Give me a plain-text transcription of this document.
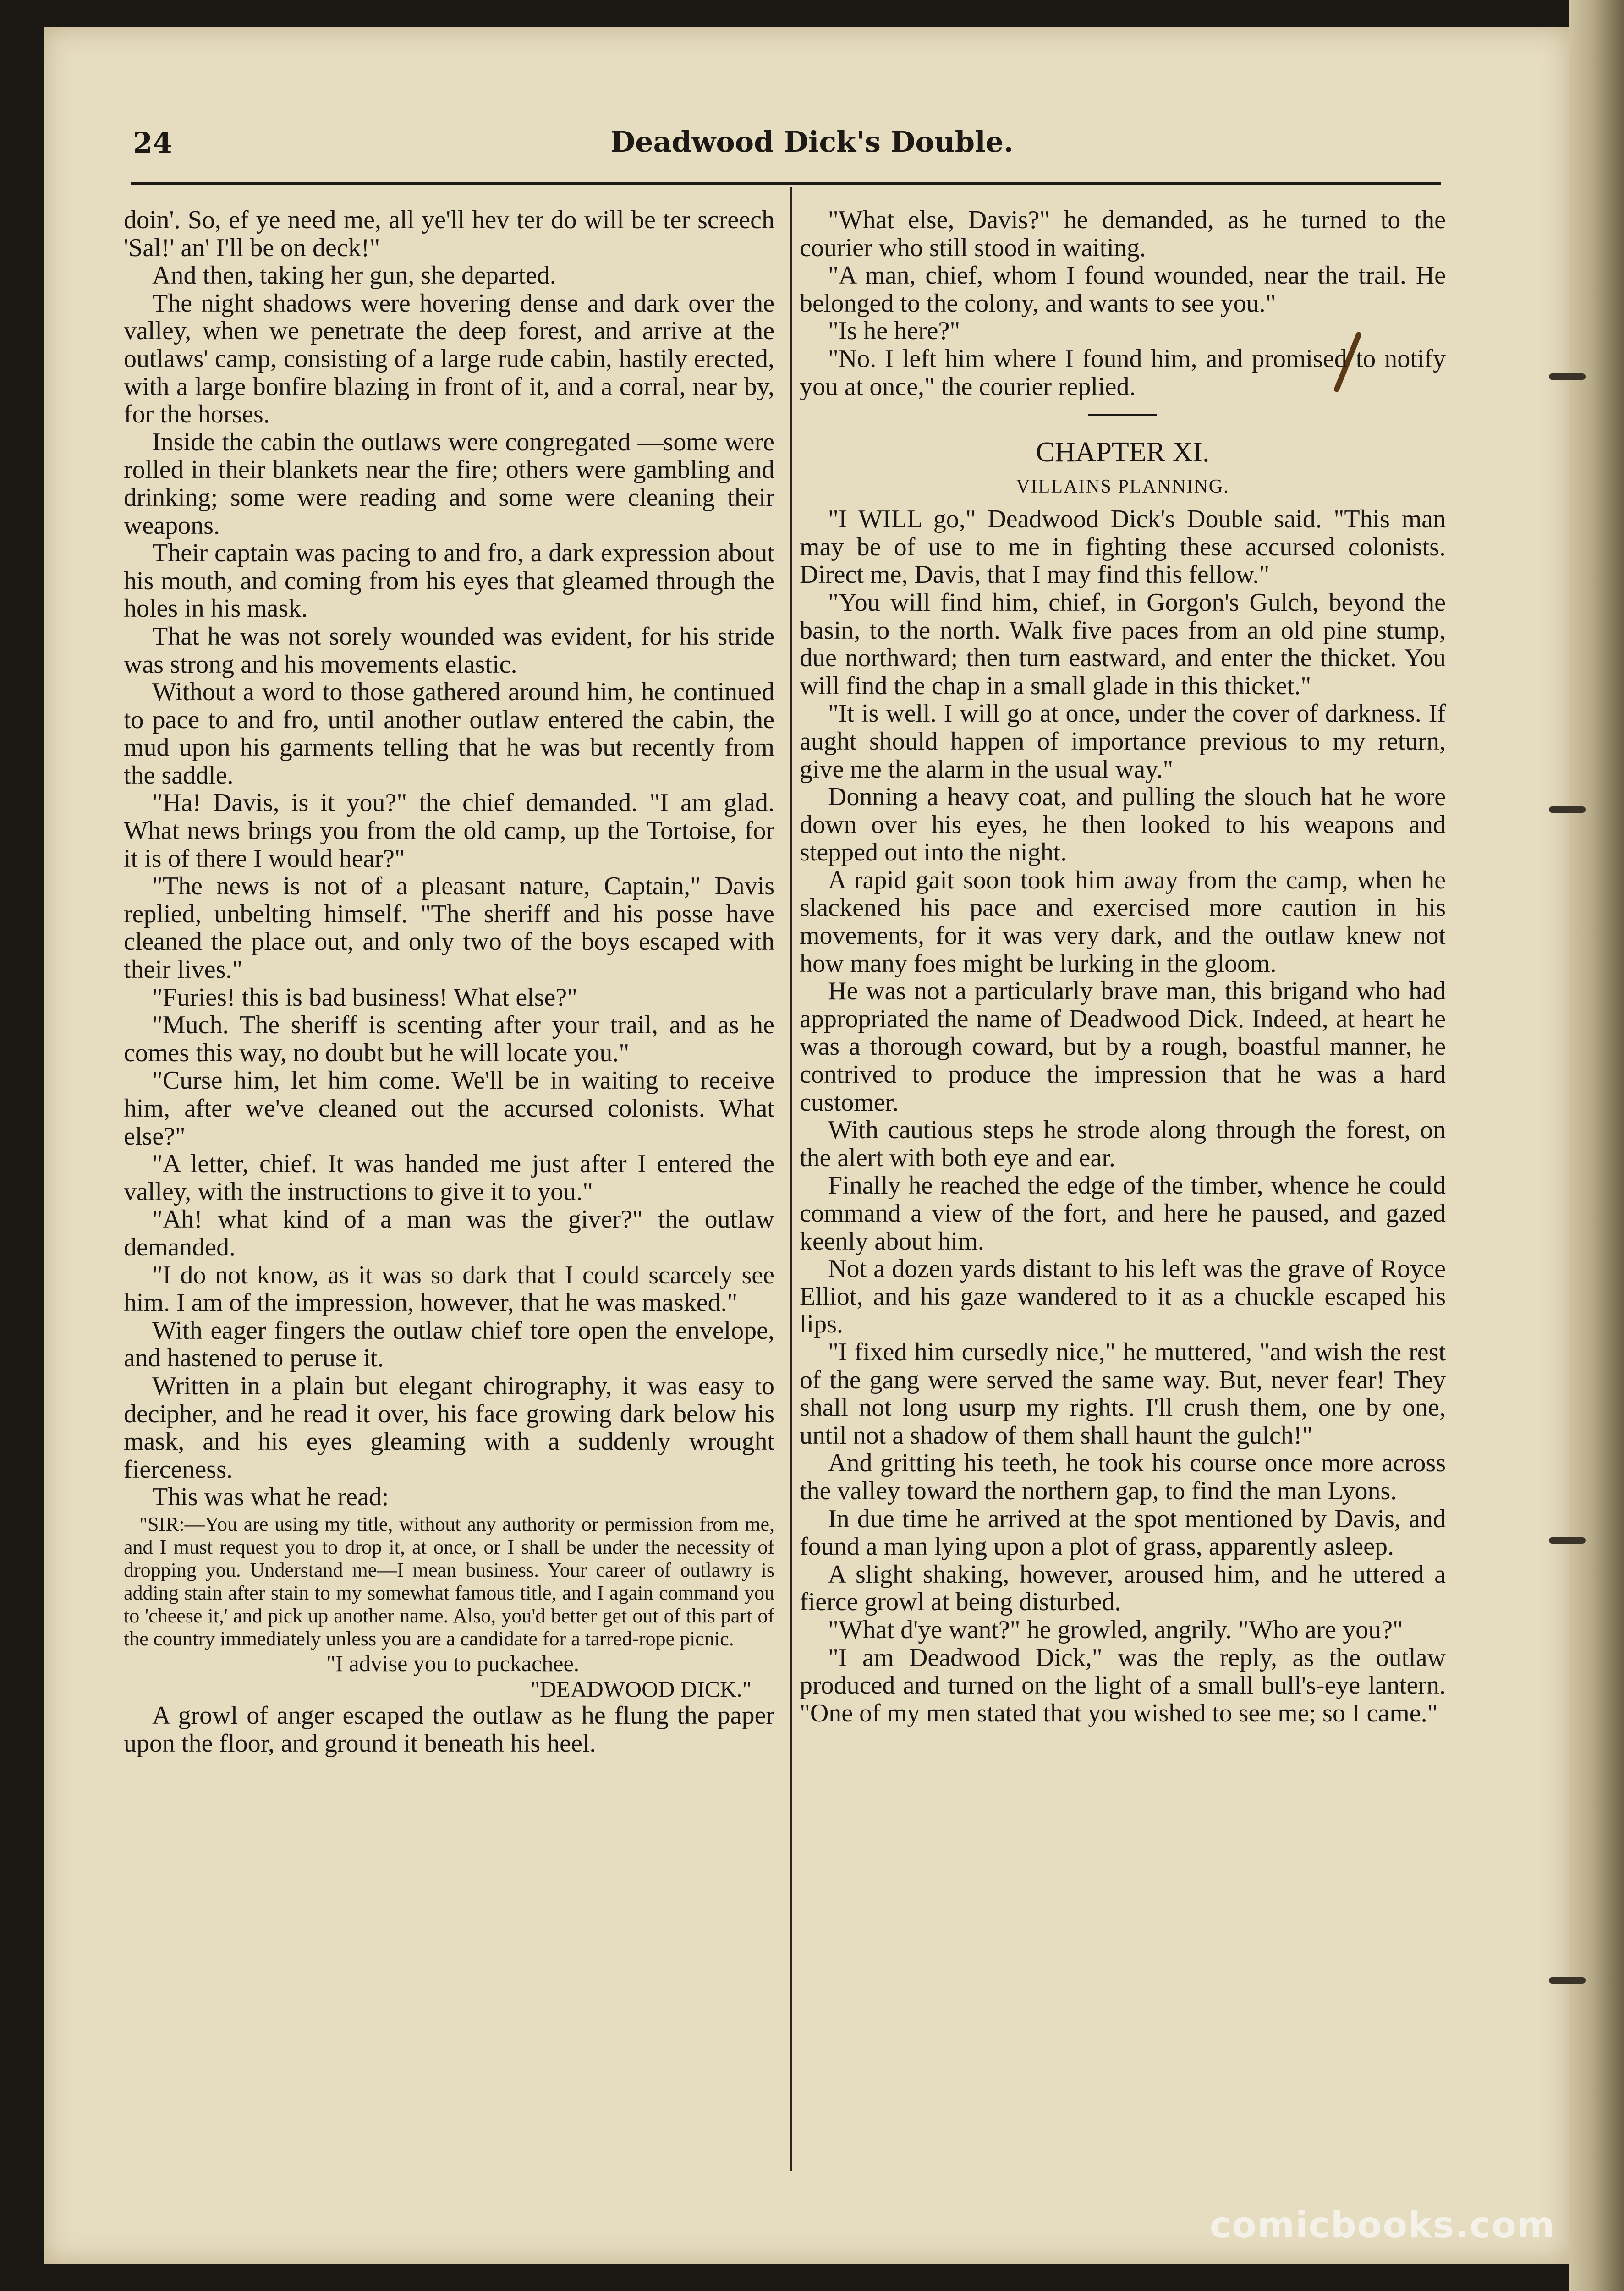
24	Deadwood Dick's Double.

doin'. So, ef ye need me, all ye'll hev ter do will be ter screech 'Sal!' an' I'll be on deck!"

And then, taking her gun, she departed.

The night shadows were hovering dense and dark over the valley, when we penetrate the deep forest, and arrive at the outlaws' camp, consisting of a large rude cabin, hastily erected, with a large bonfire blazing in front of it, and a corral, near by, for the horses.

Inside the cabin the outlaws were congregated —some were rolled in their blankets near the fire; others were gambling and drinking; some were reading and some were cleaning their weapons.

Their captain was pacing to and fro, a dark expression about his mouth, and coming from his eyes that gleamed through the holes in his mask.

That he was not sorely wounded was evident, for his stride was strong and his movements elastic.

Without a word to those gathered around him, he continued to pace to and fro, until another outlaw entered the cabin, the mud upon his garments telling that he was but recently from the saddle.

"Ha! Davis, is it you?" the chief demanded. "I am glad. What news brings you from the old camp, up the Tortoise, for it is of there I would hear?"

"The news is not of a pleasant nature, Captain," Davis replied, unbelting himself. "The sheriff and his posse have cleaned the place out, and only two of the boys escaped with their lives."

"Furies! this is bad business! What else?"

"Much. The sheriff is scenting after your trail, and as he comes this way, no doubt but he will locate you."

"Curse him, let him come. We'll be in waiting to receive him, after we've cleaned out the accursed colonists. What else?"

"A letter, chief. It was handed me just after I entered the valley, with the instructions to give it to you."

"Ah! what kind of a man was the giver?" the outlaw demanded.

"I do not know, as it was so dark that I could scarcely see him. I am of the impression, however, that he was masked."

With eager fingers the outlaw chief tore open the envelope, and hastened to peruse it.

Written in a plain but elegant chirography, it was easy to decipher, and he read it over, his face growing dark below his mask, and his eyes gleaming with a suddenly wrought fierceness.

This was what he read:

"SIR:—You are using my title, without any authority or permission from me, and I must request you to drop it, at once, or I shall be under the necessity of dropping you. Understand me—I mean business. Your career of outlawry is adding stain after stain to my somewhat famous title, and I again command you to 'cheese it,' and pick up another name. Also, you'd better get out of this part of the country immediately unless you are a candidate for a tarred-rope picnic.

"I advise you to puckachee.

"DEADWOOD DICK."

A growl of anger escaped the outlaw as he flung the paper upon the floor, and ground it beneath his heel.

"What else, Davis?" he demanded, as he turned to the courier who still stood in waiting.

"A man, chief, whom I found wounded, near the trail. He belonged to the colony, and wants to see you."

"Is he here?"

"No. I left him where I found him, and promised to notify you at once," the courier replied.

CHAPTER XI.
VILLAINS PLANNING.

"I WILL go," Deadwood Dick's Double said. "This man may be of use to me in fighting these accursed colonists. Direct me, Davis, that I may find this fellow."

"You will find him, chief, in Gorgon's Gulch, beyond the basin, to the north. Walk five paces from an old pine stump, due northward; then turn eastward, and enter the thicket. You will find the chap in a small glade in this thicket."

"It is well. I will go at once, under the cover of darkness. If aught should happen of importance previous to my return, give me the alarm in the usual way."

Donning a heavy coat, and pulling the slouch hat he wore down over his eyes, he then looked to his weapons and stepped out into the night.

A rapid gait soon took him away from the camp, when he slackened his pace and exercised more caution in his movements, for it was very dark, and the outlaw knew not how many foes might be lurking in the gloom.

He was not a particularly brave man, this brigand who had appropriated the name of Deadwood Dick. Indeed, at heart he was a thorough coward, but by a rough, boastful manner, he contrived to produce the impression that he was a hard customer.

With cautious steps he strode along through the forest, on the alert with both eye and ear.

Finally he reached the edge of the timber, whence he could command a view of the fort, and here he paused, and gazed keenly about him.

Not a dozen yards distant to his left was the grave of Royce Elliot, and his gaze wandered to it as a chuckle escaped his lips.

"I fixed him cursedly nice," he muttered, "and wish the rest of the gang were served the same way. But, never fear! They shall not long usurp my rights. I'll crush them, one by one, until not a shadow of them shall haunt the gulch!"

And gritting his teeth, he took his course once more across the valley toward the northern gap, to find the man Lyons.

In due time he arrived at the spot mentioned by Davis, and found a man lying upon a plot of grass, apparently asleep.

A slight shaking, however, aroused him, and he uttered a fierce growl at being disturbed.

"What d'ye want?" he growled, angrily. "Who are you?"

"I am Deadwood Dick," was the reply, as the outlaw produced and turned on the light of a small bull's-eye lantern. "One of my men stated that you wished to see me; so I came."

comicbooks.com
